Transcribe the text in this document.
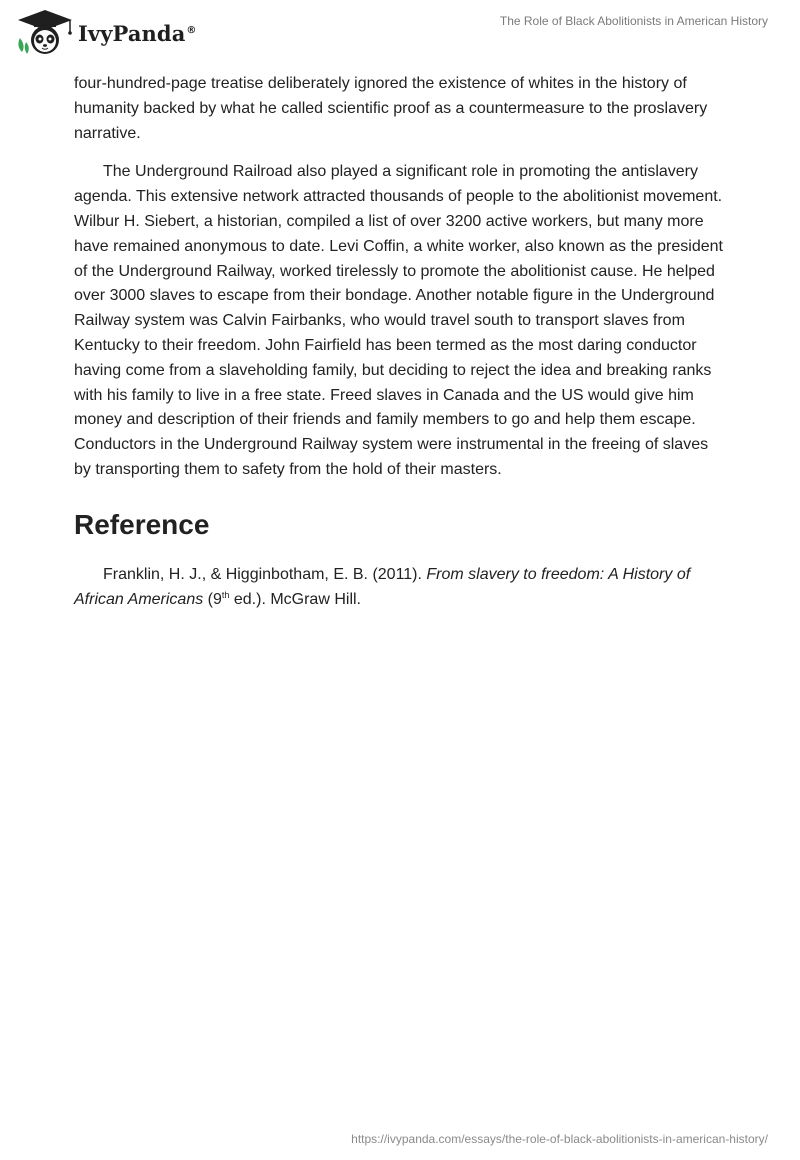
IvyPanda®
The Role of Black Abolitionists in American History

four-hundred-page treatise deliberately ignored the existence of whites in the history of humanity backed by what he called scientific proof as a countermeasure to the proslavery narrative.

The Underground Railroad also played a significant role in promoting the antislavery agenda. This extensive network attracted thousands of people to the abolitionist movement. Wilbur H. Siebert, a historian, compiled a list of over 3200 active workers, but many more have remained anonymous to date. Levi Coffin, a white worker, also known as the president of the Underground Railway, worked tirelessly to promote the abolitionist cause. He helped over 3000 slaves to escape from their bondage. Another notable figure in the Underground Railway system was Calvin Fairbanks, who would travel south to transport slaves from Kentucky to their freedom. John Fairfield has been termed as the most daring conductor having come from a slaveholding family, but deciding to reject the idea and breaking ranks with his family to live in a free state. Freed slaves in Canada and the US would give him money and description of their friends and family members to go and help them escape. Conductors in the Underground Railway system were instrumental in the freeing of slaves by transporting them to safety from the hold of their masters.

Reference

Franklin, H. J., & Higginbotham, E. B. (2011). From slavery to freedom: A History of African Americans (9th ed.). McGraw Hill.

https://ivypanda.com/essays/the-role-of-black-abolitionists-in-american-history/
